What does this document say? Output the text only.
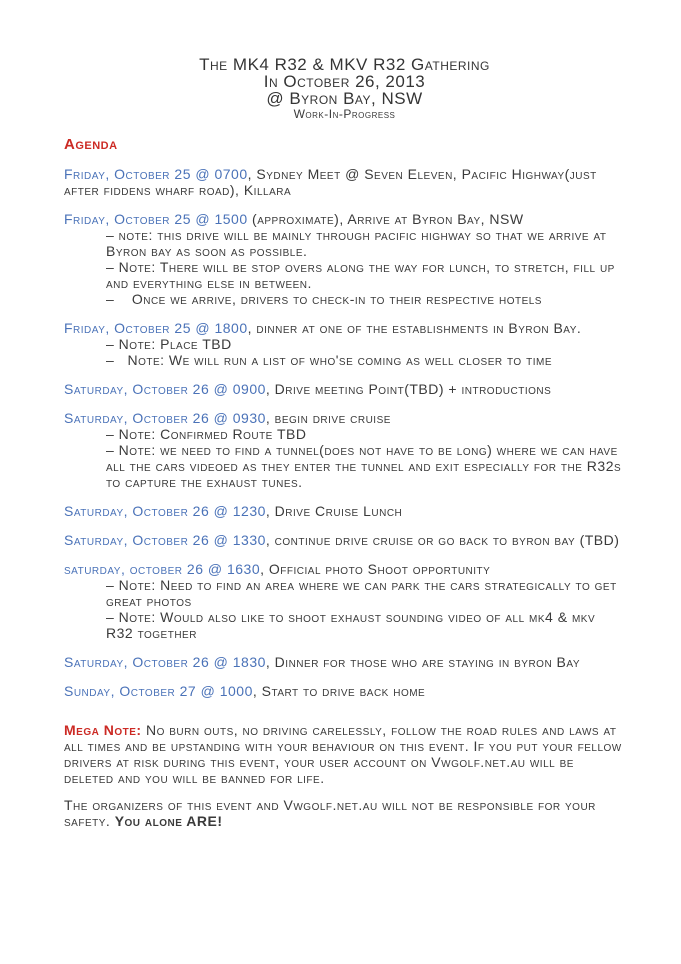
The MK4 R32 & MKV R32 Gathering
In October 26, 2013
@ Byron Bay, NSW
Work-In-Progress
Agenda
Friday, October 25 @ 0700, Sydney Meet @ Seven Eleven, Pacific Highway(just after fiddens wharf road), Killara
Friday, October 25 @ 1500 (approximate), Arrive at Byron Bay, NSW
– note: this drive will be mainly through pacific highway so that we arrive at Byron bay as soon as possible.
– Note: There will be stop overs along the way for lunch, to stretch, fill up and everything else in between.
–    Once we arrive, drivers to check-in to their respective hotels
Friday, October 25 @ 1800, dinner at one of the establishments in Byron Bay.
– Note: Place TBD
–   Note: We will run a list of who'se coming as well closer to time
Saturday, October 26 @ 0900, Drive meeting Point(TBD) + introductions
Saturday, October 26 @ 0930, begin drive cruise
– Note: Confirmed Route TBD
– Note: we need to find a tunnel(does not have to be long) where we can have all the cars videoed as they enter the tunnel and exit especially for the R32s to capture the exhaust tunes.
Saturday, October 26 @ 1230, Drive Cruise Lunch
Saturday, October 26 @ 1330, continue drive cruise or go back to byron bay (TBD)
saturday, october 26 @ 1630, Official photo Shoot opportunity
– Note: Need to find an area where we can park the cars strategically to get great photos
– Note: Would also like to shoot exhaust sounding video of all mk4 & mkv R32 together
Saturday, October 26 @ 1830, Dinner for those who are staying in byron Bay
Sunday, October 27 @ 1000, Start to drive back home

Mega Note: No burn outs, no driving carelessly, follow the road rules and laws at all times and be upstanding with your behaviour on this event. If you put your fellow drivers at risk during this event, your user account on Vwgolf.net.au will be deleted and you will be banned for life.

The organizers of this event and Vwgolf.net.au will not be responsible for your safety. You alone ARE!
